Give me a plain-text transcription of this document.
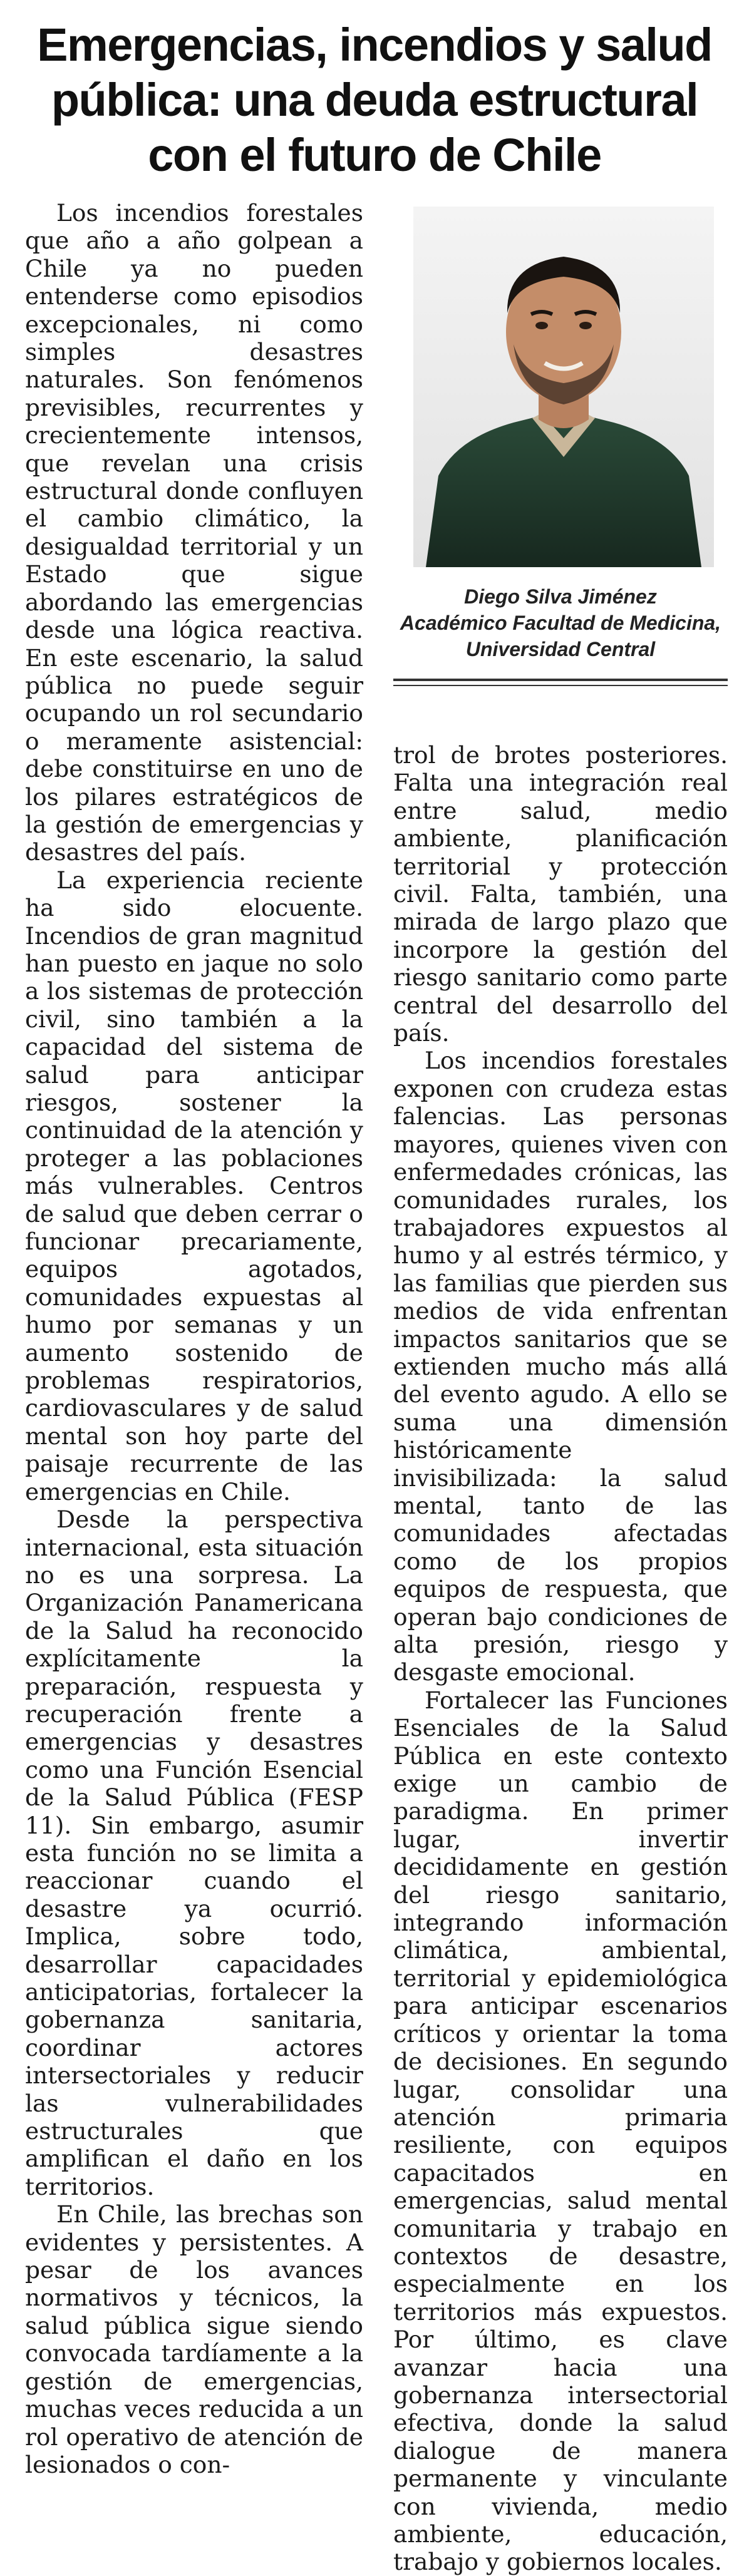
Emergencias, incendios y salud pública: una deuda estructural con el futuro de Chile

Los incendios forestales que año a año golpean a Chile ya no pueden entenderse como episodios excepcionales, ni como simples desastres naturales. Son fenómenos previsibles, recurrentes y crecientemente intensos, que revelan una crisis estructural donde confluyen el cambio climático, la desigualdad territorial y un Estado que sigue abordando las emergencias desde una lógica reactiva. En este escenario, la salud pública no puede seguir ocupando un rol secundario o meramente asistencial: debe constituirse en uno de los pilares estratégicos de la gestión de emergencias y desastres del país.

La experiencia reciente ha sido elocuente. Incendios de gran magnitud han puesto en jaque no solo a los sistemas de protección civil, sino también a la capacidad del sistema de salud para anticipar riesgos, sostener la continuidad de la atención y proteger a las poblaciones más vulnerables. Centros de salud que deben cerrar o funcionar precariamente, equipos agotados, comunidades expuestas al humo por semanas y un aumento sostenido de problemas respiratorios, cardiovasculares y de salud mental son hoy parte del paisaje recurrente de las emergencias en Chile.

Desde la perspectiva internacional, esta situación no es una sorpresa. La Organización Panamericana de la Salud ha reconocido explícitamente la preparación, respuesta y recuperación frente a emergencias y desastres como una Función Esencial de la Salud Pública (FESP 11). Sin embargo, asumir esta función no se limita a reaccionar cuando el desastre ya ocurrió. Implica, sobre todo, desarrollar capacidades anticipatorias, fortalecer la gobernanza sanitaria, coordinar actores intersectoriales y reducir las vulnerabilidades estructurales que amplifican el daño en los territorios.

En Chile, las brechas son evidentes y persistentes. A pesar de los avances normativos y técnicos, la salud pública sigue siendo convocada tardíamente a la gestión de emergencias, muchas veces reducida a un rol operativo de atención de lesionados o con-

Diego Silva Jiménez
Académico Facultad de Medicina,
Universidad Central

trol de brotes posteriores. Falta una integración real entre salud, medio ambiente, planificación territorial y protección civil. Falta, también, una mirada de largo plazo que incorpore la gestión del riesgo sanitario como parte central del desarrollo del país.

Los incendios forestales exponen con crudeza estas falencias. Las personas mayores, quienes viven con enfermedades crónicas, las comunidades rurales, los trabajadores expuestos al humo y al estrés térmico, y las familias que pierden sus medios de vida enfrentan impactos sanitarios que se extienden mucho más allá del evento agudo. A ello se suma una dimensión históricamente invisibilizada: la salud mental, tanto de las comunidades afectadas como de los propios equipos de respuesta, que operan bajo condiciones de alta presión, riesgo y desgaste emocional.

Fortalecer las Funciones Esenciales de la Salud Pública en este contexto exige un cambio de paradigma. En primer lugar, invertir decididamente en gestión del riesgo sanitario, integrando información climática, ambiental, territorial y epidemiológica para anticipar escenarios críticos y orientar la toma de decisiones. En segundo lugar, consolidar una atención primaria resiliente, con equipos capacitados en emergencias, salud mental comunitaria y trabajo en contextos de desastre, especialmente en los territorios más expuestos. Por último, es clave avanzar hacia una gobernanza intersectorial efectiva, donde la salud dialogue de manera permanente y vinculante con vivienda, medio ambiente, educación, trabajo y gobiernos locales.
